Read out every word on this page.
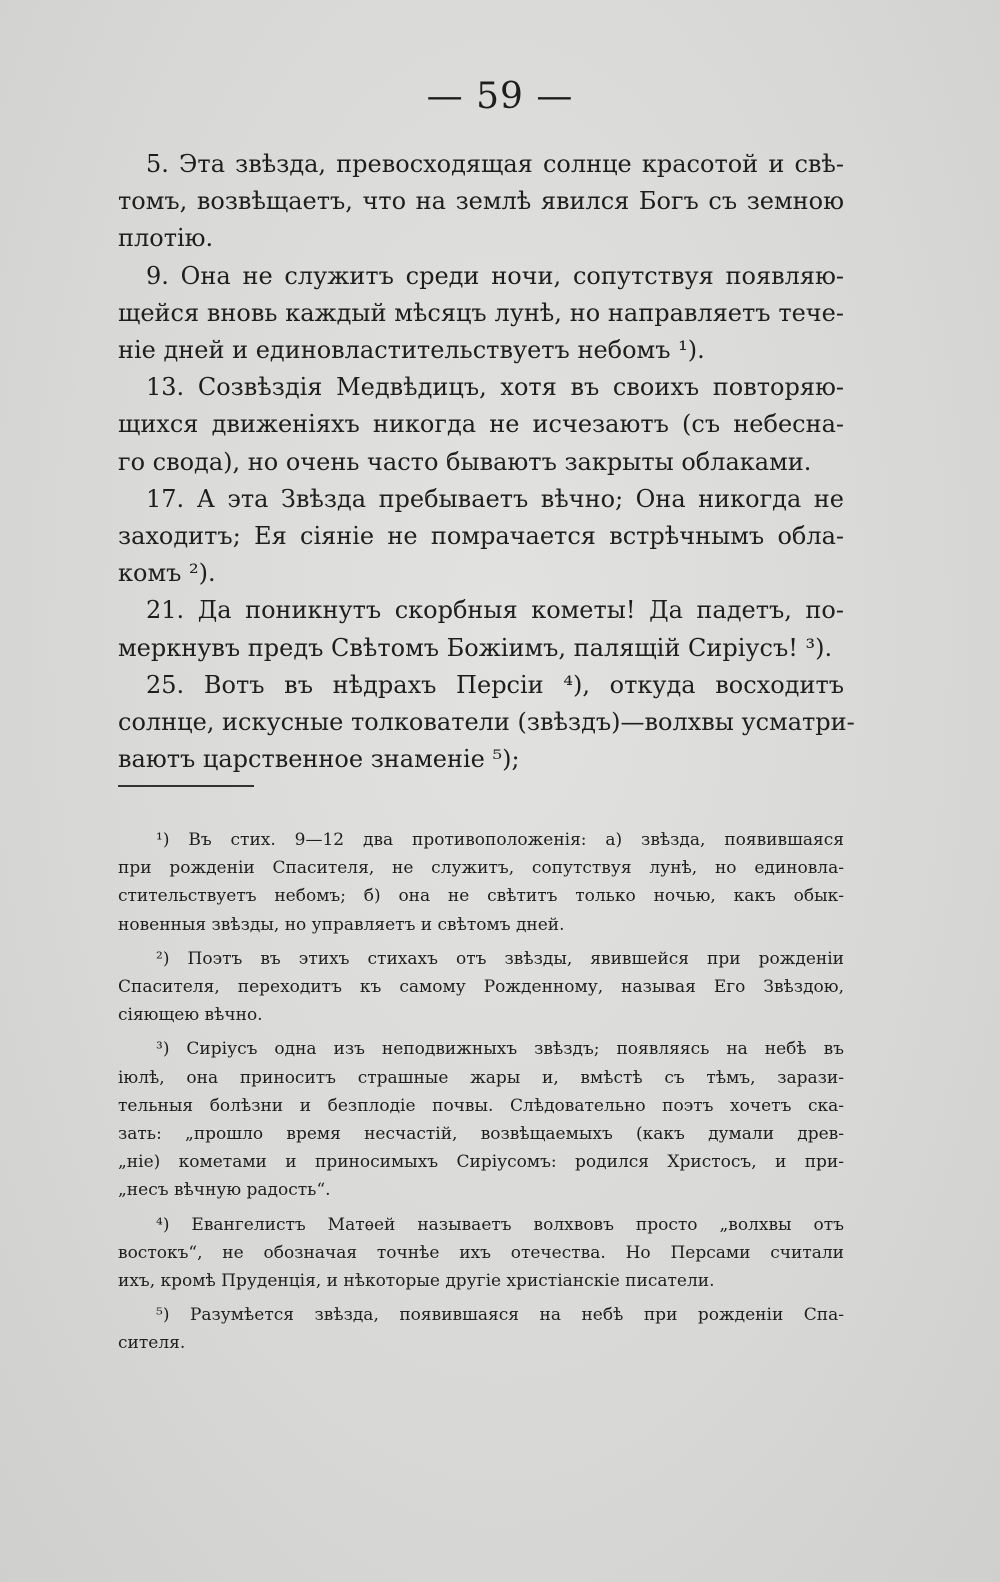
— 59 —
5. Эта звѣзда, превосходящая солнце красотой и свѣ-
томъ, возвѣщаетъ, что на землѣ явился Богъ съ земною
плотію.
9. Она не служитъ среди ночи, сопутствуя появляю-
щейся вновь каждый мѣсяцъ лунѣ, но направляетъ тече-
ніе дней и единовластительствуетъ небомъ ¹).
13. Созвѣздія Медвѣдицъ, хотя въ своихъ повторяю-
щихся движеніяхъ никогда не исчезаютъ (съ небесна-
го свода), но очень часто бываютъ закрыты облаками.
17. А эта Звѣзда пребываетъ вѣчно; Она никогда не
заходитъ; Ея сіяніе не помрачается встрѣчнымъ обла-
комъ ²).
21. Да поникнутъ скорбныя кометы! Да падетъ, по-
меркнувъ предъ Свѣтомъ Божіимъ, палящій Сиріусъ! ³).
25. Вотъ въ нѣдрахъ Персіи ⁴), откуда восходитъ
солнце, искусные толкователи (звѣздъ)—волхвы усматри-
ваютъ царственное знаменіе ⁵);
¹) Въ стих. 9—12 два противоположенія: а) звѣзда, появившаяся
при рожденіи Спасителя, не служитъ, сопутствуя лунѣ, но единовла-
стительствуетъ небомъ; б) она не свѣтитъ только ночью, какъ обык-
новенныя звѣзды, но управляетъ и свѣтомъ дней.
²) Поэтъ въ этихъ стихахъ отъ звѣзды, явившейся при рожденіи
Спасителя, переходитъ къ самому Рожденному, называя Его Звѣздою,
сіяющею вѣчно.
³) Сиріусъ одна изъ неподвижныхъ звѣздъ; появляясь на небѣ въ
іюлѣ, она приноситъ страшные жары и, вмѣстѣ съ тѣмъ, зарази-
тельныя болѣзни и безплодіе почвы. Слѣдовательно поэтъ хочетъ ска-
зать: „прошло время несчастій, возвѣщаемыхъ (какъ думали древ-
„ніе) кометами и приносимыхъ Сиріусомъ: родился Христосъ, и при-
„несъ вѣчную радость“.
⁴) Евангелистъ Матѳей называетъ волхвовъ просто „волхвы отъ
востокъ“, не обозначая точнѣе ихъ отечества. Но Персами считали
ихъ, кромѣ Пруденція, и нѣкоторые другіе христіанскіе писатели.
⁵) Разумѣется звѣзда, появившаяся на небѣ при рожденіи Спа-
сителя.
